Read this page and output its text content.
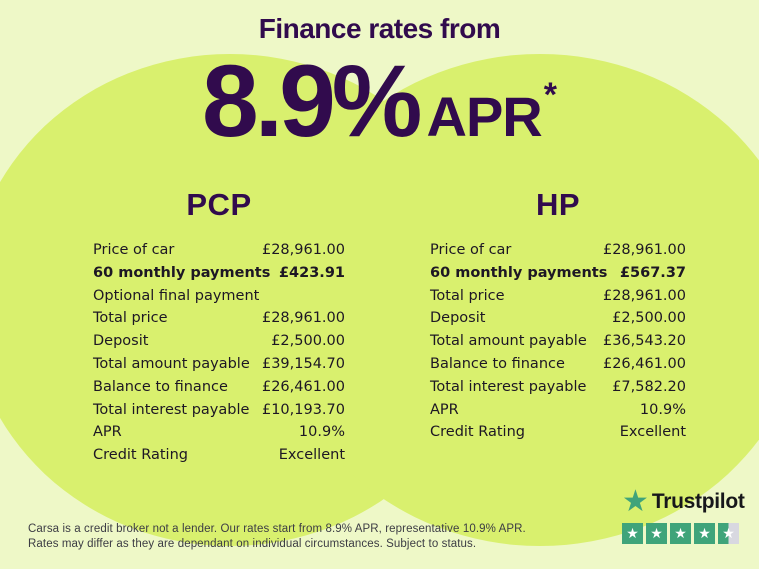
Finance rates from
8.9% APR *
PCP
Price of car	£28,961.00
60 monthly payments £423.91
Optional final payment
Total price	£28,961.00
Deposit	£2,500.00
Total amount payable £39,154.70
Balance to finance £26,461.00
Total interest payable £10,193.70
APR	10.9%
Credit Rating	Excellent
HP
Price of car	£28,961.00
60 monthly payments £567.37
Total price	£28,961.00
Deposit	£2,500.00
Total amount payable £36,543.20
Balance to finance	£26,461.00
Total interest payable £7,582.20
APR	10.9%
Credit Rating	Excellent
Carsa is a credit broker not a lender. Our rates start from 8.9% APR, representative 10.9% APR.
Rates may differ as they are dependant on individual circumstances. Subject to status.
★ Trustpilot
★ ★ ★ ★ ★
